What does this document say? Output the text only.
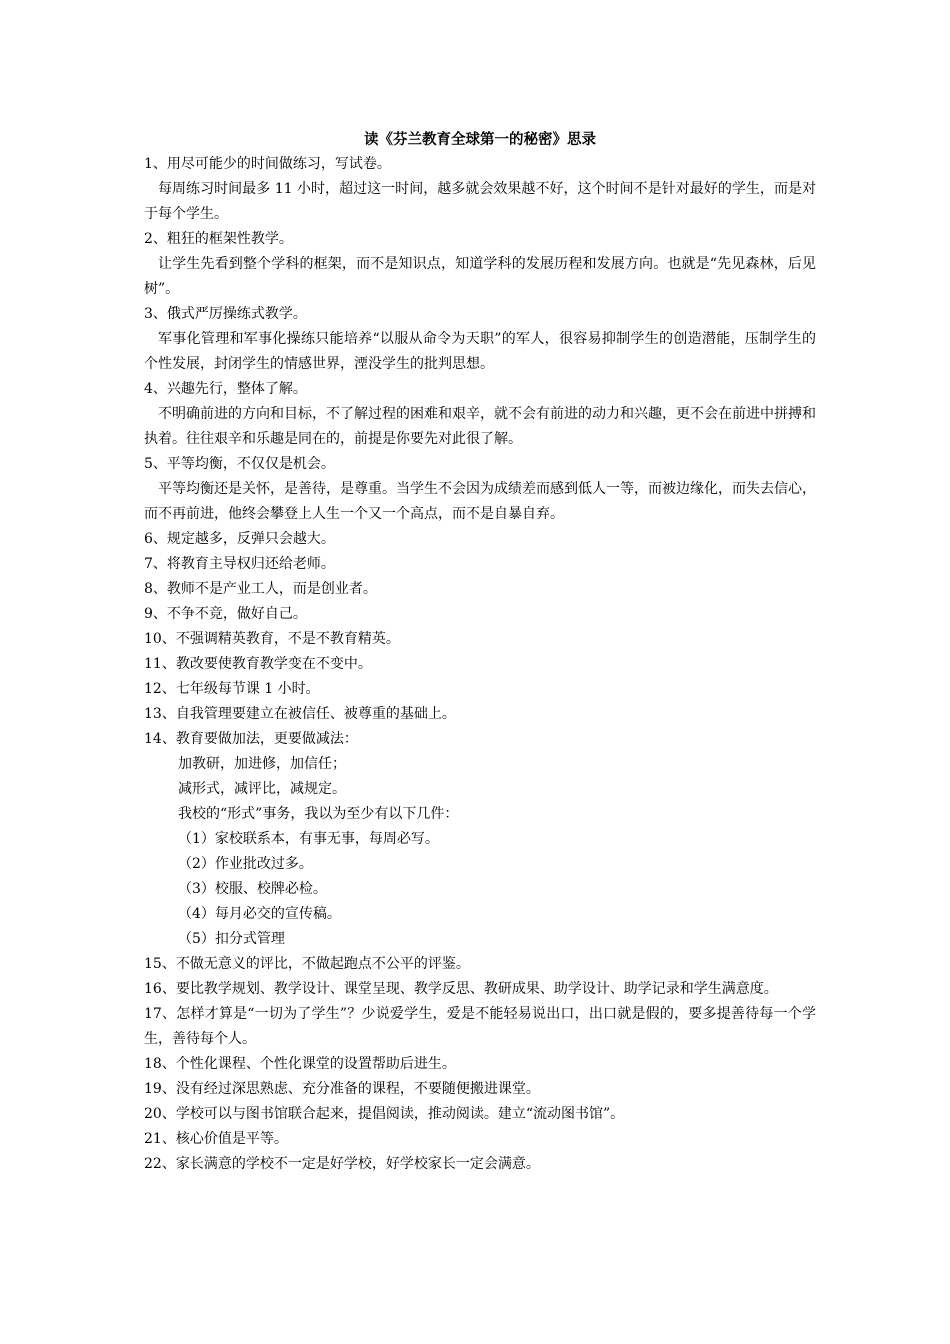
读《芬兰教育全球第一的秘密》思录
1、用尽可能少的时间做练习，写试卷。
每周练习时间最多 11 小时，超过这一时间，越多就会效果越不好，这个时间不是针对最好的学生，而是对于每个学生。
2、粗狂的框架性教学。
让学生先看到整个学科的框架，而不是知识点，知道学科的发展历程和发展方向。也就是“先见森林，后见树”。
3、俄式严厉操练式教学。
军事化管理和军事化操练只能培养“以服从命令为天职”的军人，很容易抑制学生的创造潜能，压制学生的个性发展，封闭学生的情感世界，湮没学生的批判思想。
4、兴趣先行，整体了解。
不明确前进的方向和目标，不了解过程的困难和艰辛，就不会有前进的动力和兴趣，更不会在前进中拼搏和执着。往往艰辛和乐趣是同在的，前提是你要先对此很了解。
5、平等均衡，不仅仅是机会。
平等均衡还是关怀，是善待，是尊重。当学生不会因为成绩差而感到低人一等，而被边缘化，而失去信心，而不再前进，他终会攀登上人生一个又一个高点，而不是自暴自弃。
6、规定越多，反弹只会越大。
7、将教育主导权归还给老师。
8、教师不是产业工人，而是创业者。
9、不争不竞，做好自己。
10、不强调精英教育，不是不教育精英。
11、教改要使教育教学变在不变中。
12、七年级每节课 1 小时。
13、自我管理要建立在被信任、被尊重的基础上。
14、教育要做加法，更要做减法：
加教研，加进修，加信任；
减形式，减评比，减规定。
我校的“形式”事务，我以为至少有以下几件：
（1）家校联系本，有事无事，每周必写。
（2）作业批改过多。
（3）校服、校牌必检。
（4）每月必交的宣传稿。
（5）扣分式管理
15、不做无意义的评比，不做起跑点不公平的评鉴。
16、要比教学规划、教学设计、课堂呈现、教学反思、教研成果、助学设计、助学记录和学生满意度。
17、怎样才算是“一切为了学生”？少说爱学生，爱是不能轻易说出口，出口就是假的，要多提善待每一个学生，善待每个人。
18、个性化课程、个性化课堂的设置帮助后进生。
19、没有经过深思熟虑、充分准备的课程，不要随便搬进课堂。
20、学校可以与图书馆联合起来，提倡阅读，推动阅读。建立“流动图书馆”。
21、核心价值是平等。
22、家长满意的学校不一定是好学校，好学校家长一定会满意。
